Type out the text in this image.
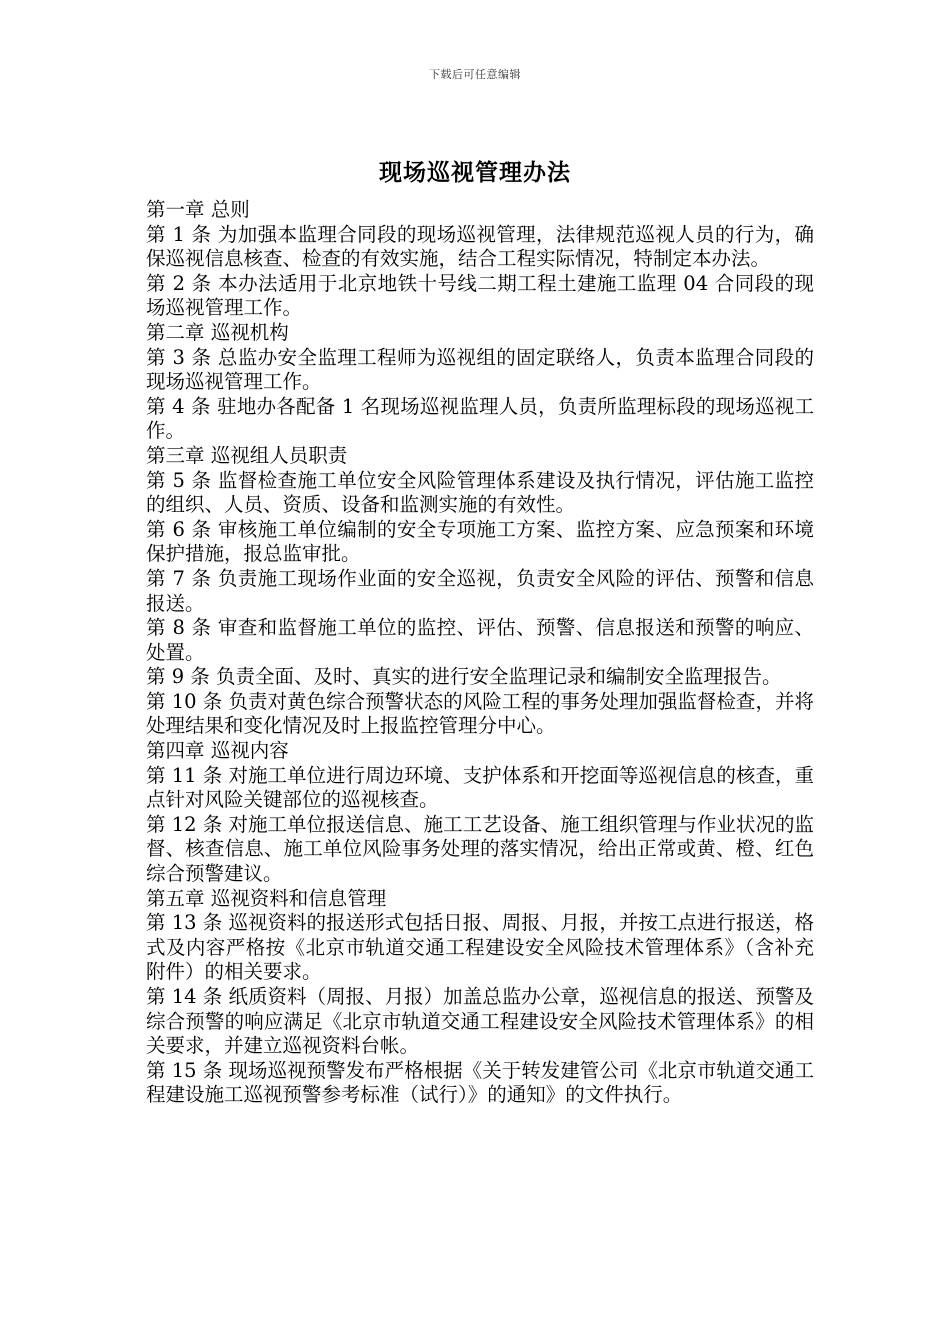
下载后可任意编辑
现场巡视管理办法

第一章 总则

第 1 条 为加强本监理合同段的现场巡视管理，法律规范巡视人员的行为，确保巡视信息核查、检查的有效实施，结合工程实际情况，特制定本办法。

第 2 条 本办法适用于北京地铁十号线二期工程土建施工监理 04 合同段的现场巡视管理工作。

第二章 巡视机构

第 3 条 总监办安全监理工程师为巡视组的固定联络人，负责本监理合同段的现场巡视管理工作。

第 4 条 驻地办各配备 1 名现场巡视监理人员，负责所监理标段的现场巡视工作。

第三章 巡视组人员职责

第 5 条 监督检查施工单位安全风险管理体系建设及执行情况，评估施工监控的组织、人员、资质、设备和监测实施的有效性。

第 6 条 审核施工单位编制的安全专项施工方案、监控方案、应急预案和环境保护措施，报总监审批。

第 7 条 负责施工现场作业面的安全巡视，负责安全风险的评估、预警和信息报送。

第 8 条 审查和监督施工单位的监控、评估、预警、信息报送和预警的响应、处置。

第 9 条 负责全面、及时、真实的进行安全监理记录和编制安全监理报告。

第 10 条 负责对黄色综合预警状态的风险工程的事务处理加强监督检查，并将处理结果和变化情况及时上报监控管理分中心。

第四章 巡视内容

第 11 条 对施工单位进行周边环境、支护体系和开挖面等巡视信息的核查，重点针对风险关键部位的巡视核查。

第 12 条 对施工单位报送信息、施工工艺设备、施工组织管理与作业状况的监督、核查信息、施工单位风险事务处理的落实情况，给出正常或黄、橙、红色综合预警建议。

第五章 巡视资料和信息管理

第 13 条 巡视资料的报送形式包括日报、周报、月报，并按工点进行报送，格式及内容严格按《北京市轨道交通工程建设安全风险技术管理体系》（含补充附件）的相关要求。

第 14 条 纸质资料（周报、月报）加盖总监办公章，巡视信息的报送、预警及综合预警的响应满足《北京市轨道交通工程建设安全风险技术管理体系》的相关要求，并建立巡视资料台帐。

第 15 条 现场巡视预警发布严格根据《关于转发建管公司《北京市轨道交通工程建设施工巡视预警参考标准（试行）》的通知》的文件执行。
